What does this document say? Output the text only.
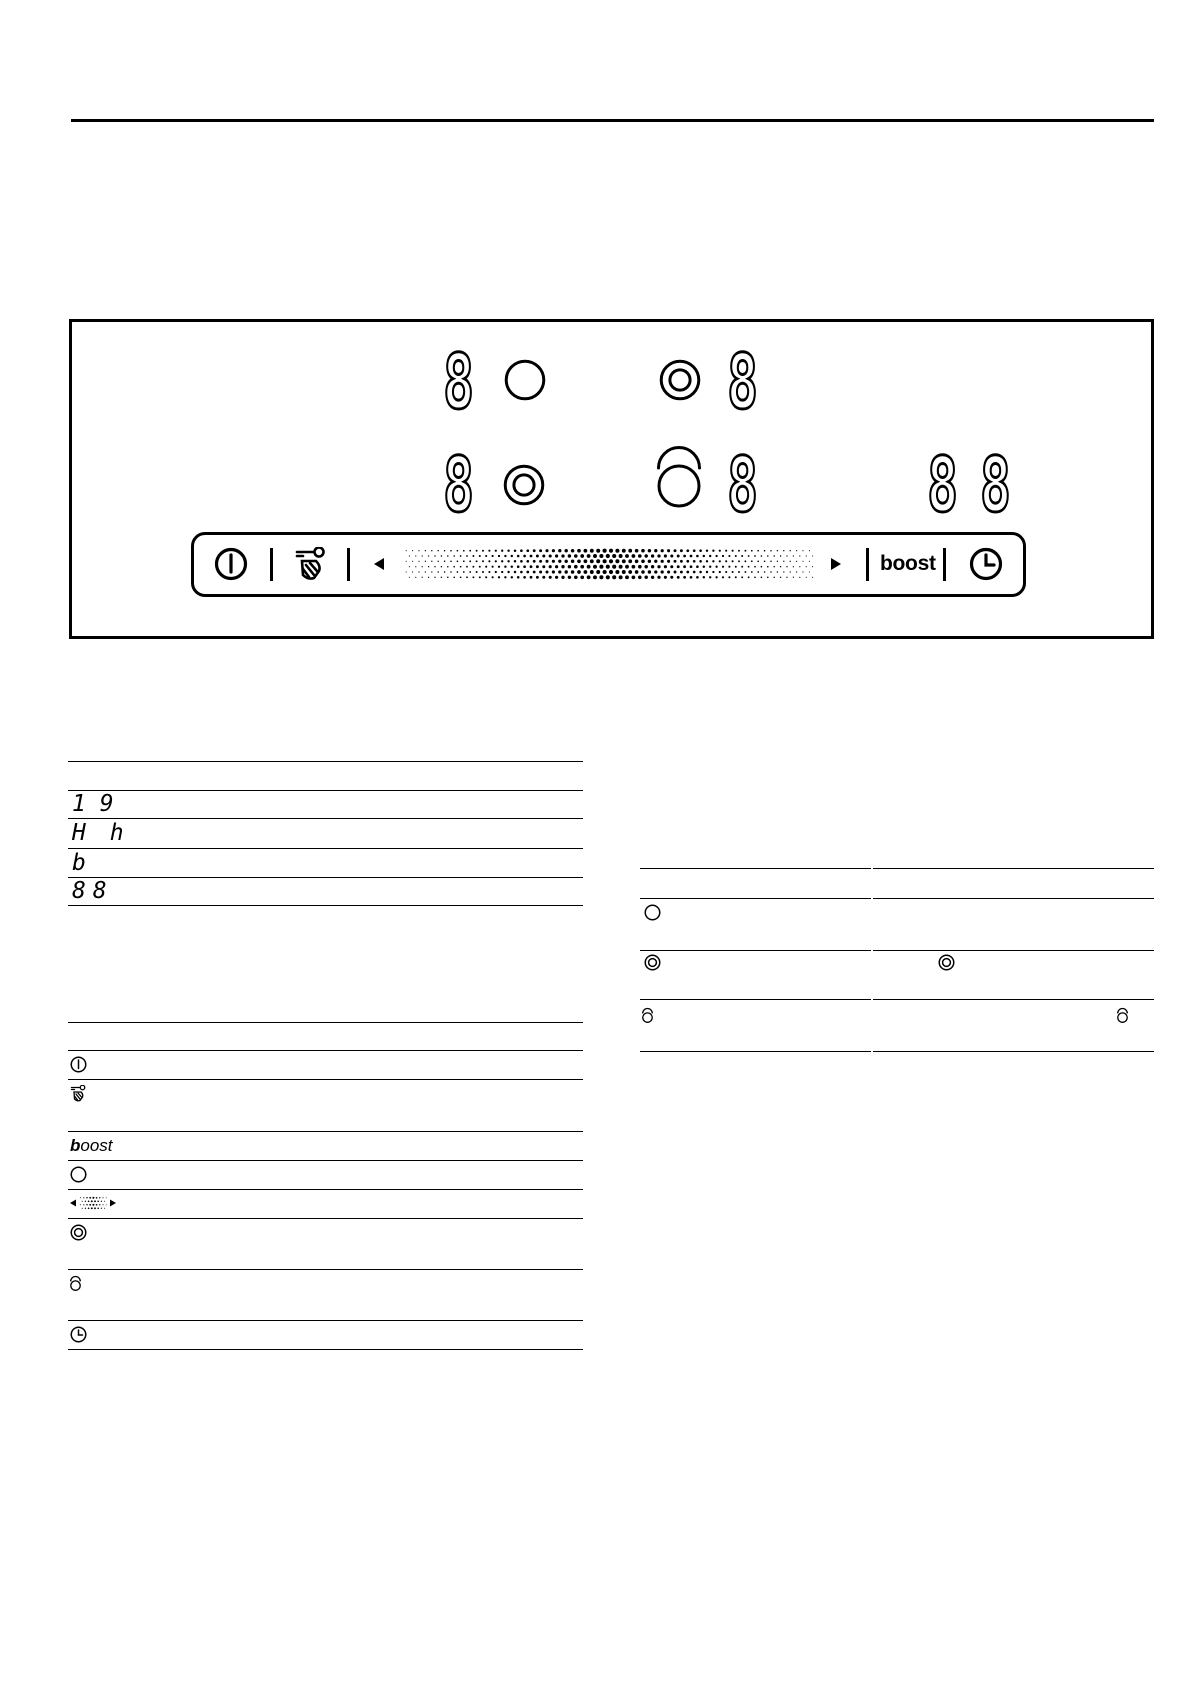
8	8
8	8 88
boost
1 9
H h
b
8 8
boost
